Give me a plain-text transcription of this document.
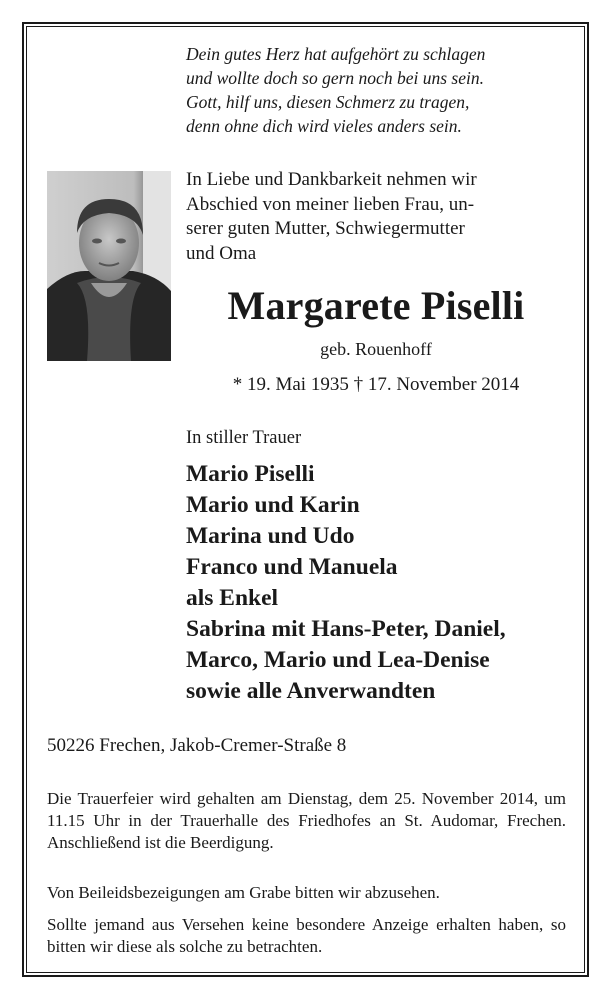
Dein gutes Herz hat aufgehört zu schlagen
und wollte doch so gern noch bei uns sein.
Gott, hilf uns, diesen Schmerz zu tragen,
denn ohne dich wird vieles anders sein.
In Liebe und Dankbarkeit nehmen wir
Abschied von meiner lieben Frau, un-
serer guten Mutter, Schwiegermutter
und Oma
Margarete Piselli
geb. Rouenhoff
* 19. Mai 1935 † 17. November 2014
In stiller Trauer
Mario Piselli
Mario und Karin
Marina und Udo
Franco und Manuela
als Enkel
Sabrina mit Hans-Peter, Daniel,
Marco, Mario und Lea-Denise
sowie alle Anverwandten
50226 Frechen, Jakob-Cremer-Straße 8
Die Trauerfeier wird gehalten am Dienstag, dem 25. November 2014, um 11.15 Uhr in der Trauerhalle des Friedhofes an St. Audomar, Frechen. Anschließend ist die Beerdigung.
Von Beileidsbezeigungen am Grabe bitten wir abzusehen.
Sollte jemand aus Versehen keine besondere Anzeige erhalten haben, so bitten wir diese als solche zu betrachten.
